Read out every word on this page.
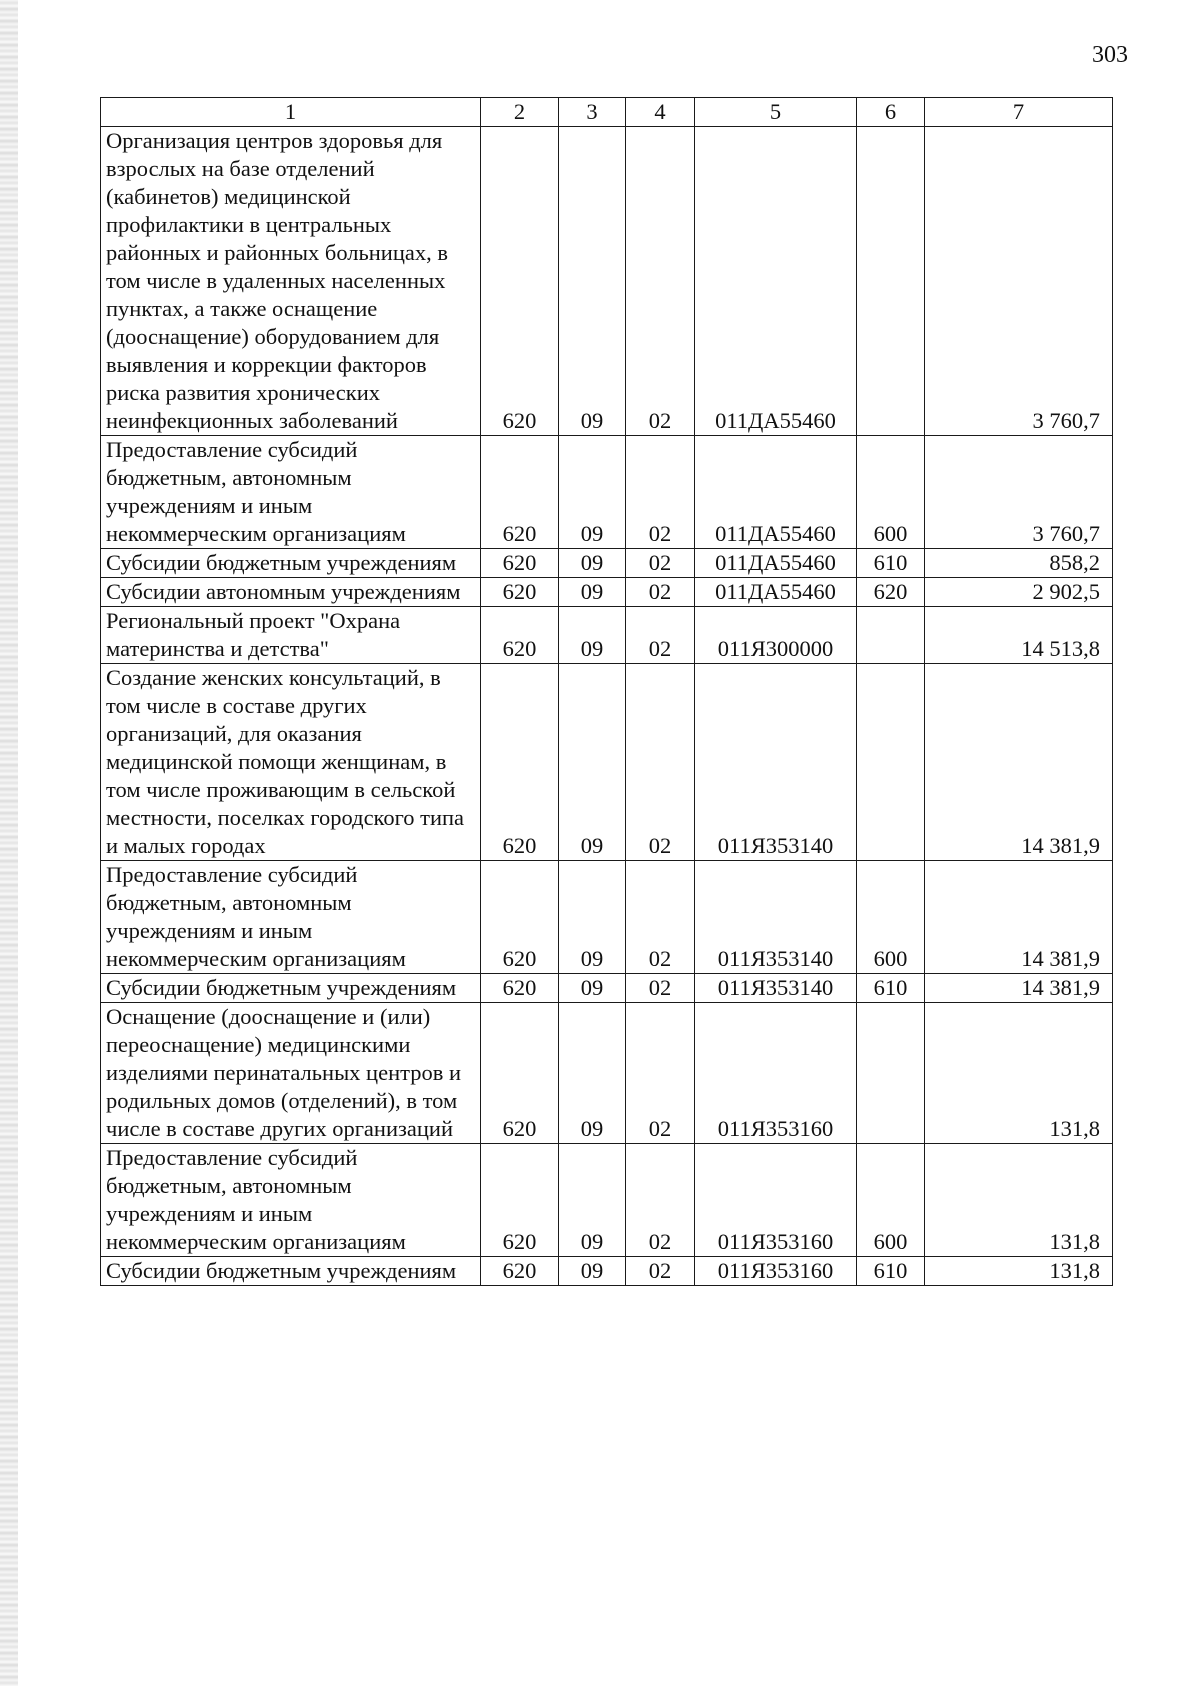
303
1	2	3	4	5	6	7
Организация центров здоровья для взрослых на базе отделений (кабинетов) медицинской профилактики в центральных районных и районных больницах, в том числе в удаленных населенных пунктах, а также оснащение (дооснащение) оборудованием для выявления и коррекции факторов риска развития хронических неинфекционных заболеваний	620	09	02	011ДА55460		3 760,7
Предоставление субсидий бюджетным, автономным учреждениям и иным некоммерческим организациям	620	09	02	011ДА55460	600	3 760,7
Субсидии бюджетным учреждениям	620	09	02	011ДА55460	610	858,2
Субсидии автономным учреждениям	620	09	02	011ДА55460	620	2 902,5
Региональный проект "Охрана материнства и детства"	620	09	02	011Я300000		14 513,8
Создание женских консультаций, в том числе в составе других организаций, для оказания медицинской помощи женщинам, в том числе проживающим в сельской местности, поселках городского типа и малых городах	620	09	02	011Я353140		14 381,9
Предоставление субсидий бюджетным, автономным учреждениям и иным некоммерческим организациям	620	09	02	011Я353140	600	14 381,9
Субсидии бюджетным учреждениям	620	09	02	011Я353140	610	14 381,9
Оснащение (дооснащение и (или) переоснащение) медицинскими изделиями перинатальных центров и родильных домов (отделений), в том числе в составе других организаций	620	09	02	011Я353160		131,8
Предоставление субсидий бюджетным, автономным учреждениям и иным некоммерческим организациям	620	09	02	011Я353160	600	131,8
Субсидии бюджетным учреждениям	620	09	02	011Я353160	610	131,8
